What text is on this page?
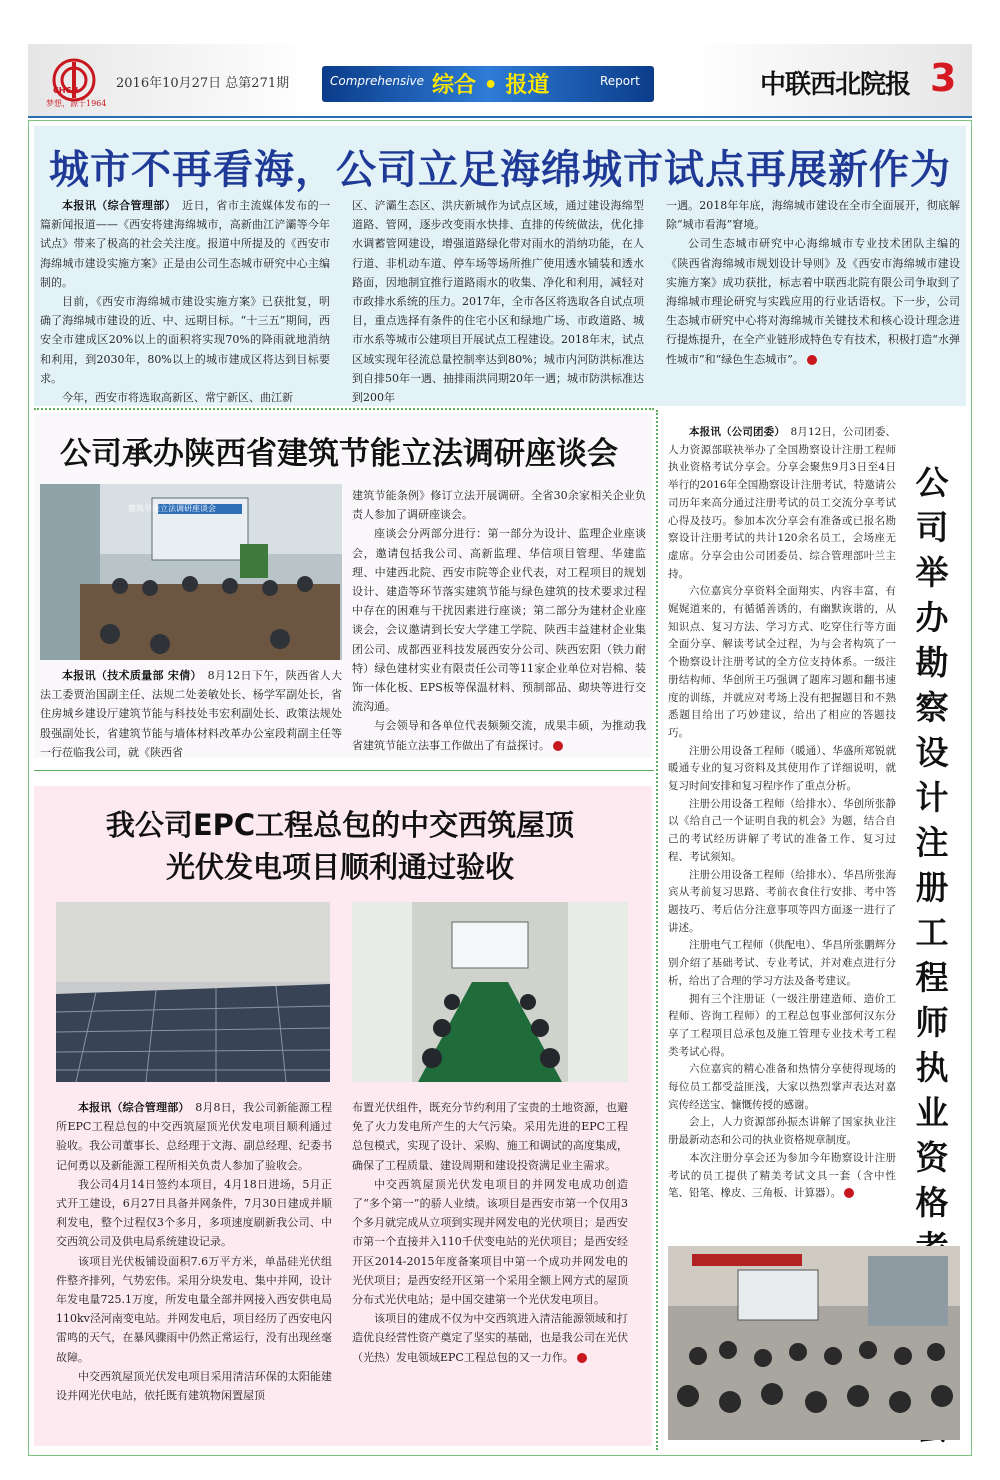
CHCN
梦想，源于1964
2016年10月27日 总第271期	Comprehensive 综合 • 报道	Report	中联西北院报 3
城市不再看海，公司立足海绵城市试点再展新作为

本报讯（综合管理部）　 近日，省市主流媒体发布的一篇新闻报道——《西安将建海绵城市，高新曲江浐灞等今年试点》带来了极高的社会关注度。报道中所提及的《西安市海绵城市建设实施方案》正是由公司生态城市研究中心主编制的。

目前，《西安市海绵城市建设实施方案》已获批复，明确了海绵城市建设的近、中、远期目标。“十三五”期间，西安全市建成区20%以上的面积将实现70%的降雨就地消纳和利用，到2030年，80%以上的城市建成区将达到目标要求。

今年，西安市将选取高新区、常宁新区、曲江新

区、浐灞生态区、洪庆新城作为试点区域，通过建设海绵型道路、管网，逐步改变雨水快排、直排的传统做法，优化排水调蓄管网建设，增强道路绿化带对雨水的消纳功能，在人行道、非机动车道、停车场等场所推广使用透水铺装和透水路面，因地制宜推行道路雨水的收集、净化和利用，减轻对市政排水系统的压力。2017年，全市各区将选取各自试点项目，重点选择有条件的住宅小区和绿地广场、市政道路、城市水系等城市公建项目开展试点工程建设。2018年末，试点区域实现年径流总量控制率达到80%；城市内河防洪标准达到自排50年一遇、抽排雨洪同期20年一遇；城市防洪标准达到200年

一遇。2018年年底，海绵城市建设在全市全面展开，彻底解除“城市看海”窘境。

公司生态城市研究中心海绵城市专业技术团队主编的《陕西省海绵城市规划设计导则》及《西安市海绵城市建设实施方案》成功获批，标志着中联西北院有限公司争取到了海绵城市理论研究与实践应用的行业话语权。下一步，公司生态城市研究中心将对海绵城市关键技术和核心设计理念进行提炼提升，在全产业链形成特色专有技术，积极打造“水弹性城市”和“绿色生态城市”。

公司承办陕西省建筑节能立法调研座谈会
建筑节能立法调研座谈会

本报讯（技术质量部 宋倩）　 8月12日下午，陕西省人大法工委贾治国副主任、法规二处姜敏处长、杨学军副处长，省住房城乡建设厅建筑节能与科技处韦宏利副处长、政策法规处殷强副处长，省建筑节能与墙体材料改革办公室段莉副主任等一行莅临我公司，就《陕西省

建筑节能条例》修订立法开展调研。全省30余家相关企业负责人参加了调研座谈会。

座谈会分两部分进行：第一部分为设计、监理企业座谈会，邀请包括我公司、高新监理、华信项目管理、华建监理、中建西北院、西安市院等企业代表，对工程项目的规划设计、建造等环节落实建筑节能与绿色建筑的技术要求过程中存在的困难与干扰因素进行座谈；第二部分为建材企业座谈会，会议邀请到长安大学建工学院、陕西丰益建材企业集团公司、成都西亚科技发展西安分公司、陕西宏阳（铁力耐特）绿色建材实业有限责任公司等11家企业单位对岩棉、装饰一体化板、EPS板等保温材料、预制部品、砌块等进行交流沟通。

与会领导和各单位代表频频交流，成果丰硕，为推动我省建筑节能立法事工作做出了有益探讨。

我公司EPC工程总包的中交西筑屋顶
光伏发电项目顺利通过验收

本报讯（综合管理部）　 8月8日，我公司新能源工程所EPC工程总包的中交西筑屋顶光伏发电项目顺利通过验收。我公司董事长、总经理于文海、副总经理、纪委书记何勇以及新能源工程所相关负责人参加了验收会。

我公司4月14日签约本项目，4月18日进场，5月正式开工建设，6月27日具备并网条件，7月30日建成并顺利发电，整个过程仅3个多月，多项速度刷新我公司、中交西筑公司及供电局系统建设记录。

该项目光伏板铺设面积7.6万平方米，单晶硅光伏组件整齐排列，气势宏伟。采用分块发电、集中并网，设计年发电量725.1万度，所发电量全部并网接入西安供电局110kv泾河南变电站。并网发电后，项目经历了西安电闪雷鸣的天气，在暴风骤雨中仍然正常运行，没有出现丝毫故障。

中交西筑屋顶光伏发电项目采用清洁环保的太阳能建设并网光伏电站，依托既有建筑物闲置屋顶

布置光伏组件，既充分节约利用了宝贵的土地资源，也避免了火力发电所产生的大气污染。采用先进的EPC工程总包模式，实现了设计、采购、施工和调试的高度集成，确保了工程质量、建设周期和建设投资满足业主需求。

中交西筑屋顶光伏发电项目的并网发电成功创造了“多个第一”的骄人业绩。该项目是西安市第一个仅用3个多月就完成从立项到实现并网发电的光伏项目；是西安市第一个直接并入110千伏变电站的光伏项目；是西安经开区2014-2015年度备案项目中第一个成功并网发电的光伏项目；是西安经开区第一个采用全额上网方式的屋顶分布式光伏电站；是中国交建第一个光伏发电项目。

该项目的建成不仅为中交西筑进入清洁能源领域和打造优良经营性资产奠定了坚实的基础，也是我公司在光伏（光热）发电领域EPC工程总包的又一力作。

公司举办勘察设计注册工程师执业资格

本报讯（公司团委）　 8月12日，公司团委、人力资源部联袂举办了全国勘察设计注册工程师执业资格考试分享会。分享会聚焦9月3日至4日举行的2016年全国勘察设计注册考试，特邀请公司历年来高分通过注册考试的员工交流分享考试心得及技巧。参加本次分享会有准备或已报名勘察设计注册考试的共计120余名员工，会场座无虚席。分享会由公司团委员、综合管理部叶兰主持。

六位嘉宾分享资料全面翔实、内容丰富，有娓娓道来的，有循循善诱的，有幽默诙谐的，从知识点、复习方法、学习方式、吃穿住行等方面全面分享、解读考试全过程，为与会者构筑了一个勘察设计注册考试的全方位支持体系。一级注册结构师、华创所王巧强调了题库习题和翻书速度的训练，并就应对考场上没有把握题目和不熟悉题目给出了巧妙建议，给出了相应的答题技巧。

注册公用设备工程师（暖通）、华盛所郑锐就暖通专业的复习资料及其使用作了详细说明，就复习时间安排和复习程序作了重点分析。

注册公用设备工程师（给排水）、华创所张静以《给自己一个证明自我的机会》为题，结合自己的考试经历讲解了考试的准备工作、复习过程、考试须知。

注册公用设备工程师（给排水）、华昌所张海宾从考前复习思路、考前衣食住行安排、考中答题技巧、考后估分注意事项等四方面逐一进行了讲述。

注册电气工程师（供配电）、华昌所张鹏辉分别介绍了基础考试、专业考试，并对难点进行分析，给出了合理的学习方法及备考建议。

拥有三个注册证（一级注册建造师、造价工程师、咨询工程师）的工程总包事业部何汉东分享了工程项目总承包及施工管理专业技术考工程类考试心得。

六位嘉宾的精心准备和热情分享使得现场的每位员工都受益匪浅，大家以热烈掌声表达对嘉宾传经送宝、慷慨传授的感谢。

会上，人力资源部孙振杰讲解了国家执业注册最新动态和公司的执业资格规章制度。

本次注册分享会还为参加今年勘察设计注册考试的员工提供了精美考试文具一套（含中性笔、铅笔、橡皮、三角板、计算器）。
